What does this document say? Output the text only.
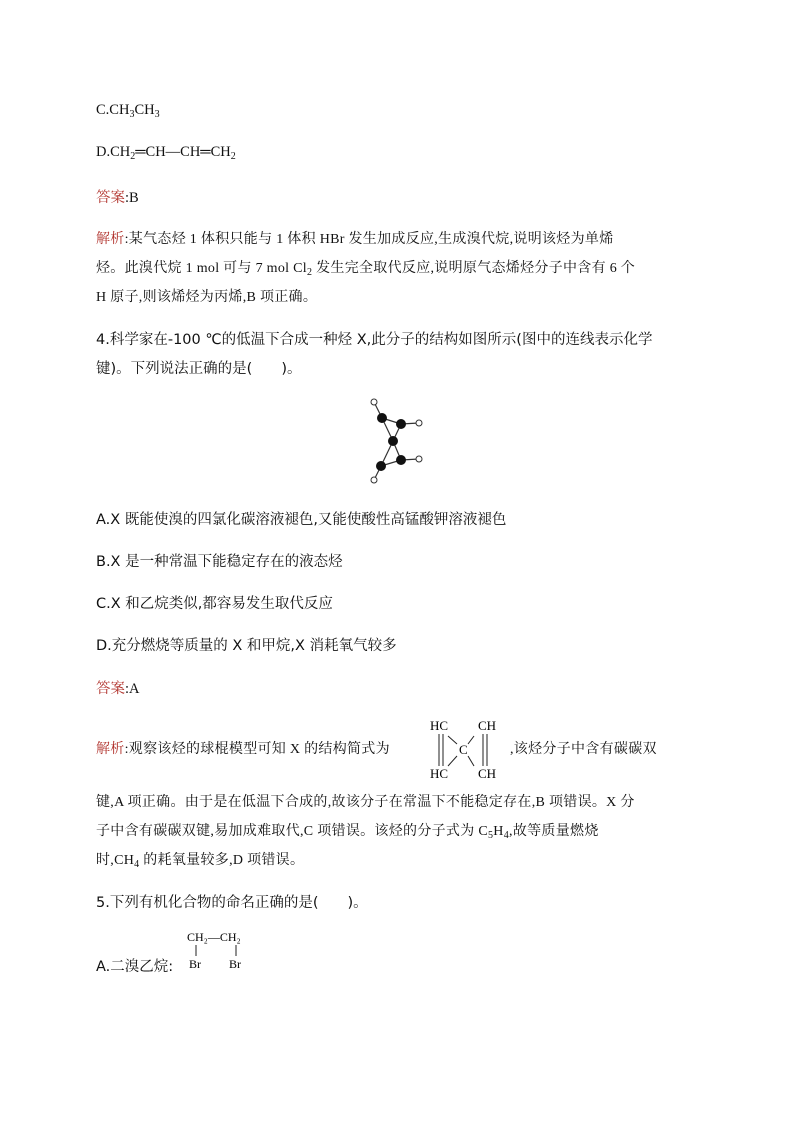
$C.CH_3CH_3$
$D.CH_2═CH—CH═CH_2$
答案:B
解析:某气态烃 1 体积只能与 1 体积 HBr 发生加成反应,生成溴代烷,说明该烃为单烯
烃。此溴代烷 1 mol 可与 7 mol $Cl_2$ 发生完全取代反应,说明原气态烯烃分子中含有 6 个
H 原子,则该烯烃为丙烯,B 项正确。
4.科学家在-100 ℃的低温下合成一种烃 X,此分子的结构如图所示(图中的连线表示化学
键)。下列说法正确的是(　　)。
A.X 既能使溴的四氯化碳溶液褪色,又能使酸性高锰酸钾溶液褪色
B.X 是一种常温下能稳定存在的液态烃
C.X 和乙烷类似,都容易发生取代反应
D.充分燃烧等质量的 X 和甲烷,X 消耗氧气较多
答案:A
解析:观察该烃的球棍模型可知 X 的结构简式为
HC CH
C
HC CH
,该烃分子中含有碳碳双
键,A 项正确。由于是在低温下合成的,故该分子在常温下不能稳定存在,B 项错误。X 分
子中含有碳碳双键,易加成难取代,C 项错误。该烃的分子式为 $C_5H_4$,故等质量燃烧
时$,CH_4$ 的耗氧量较多,D 项错误。
5.下列有机化合物的命名正确的是(　　)。
A.二溴乙烷:
CH₂—CH₂
Br Br
